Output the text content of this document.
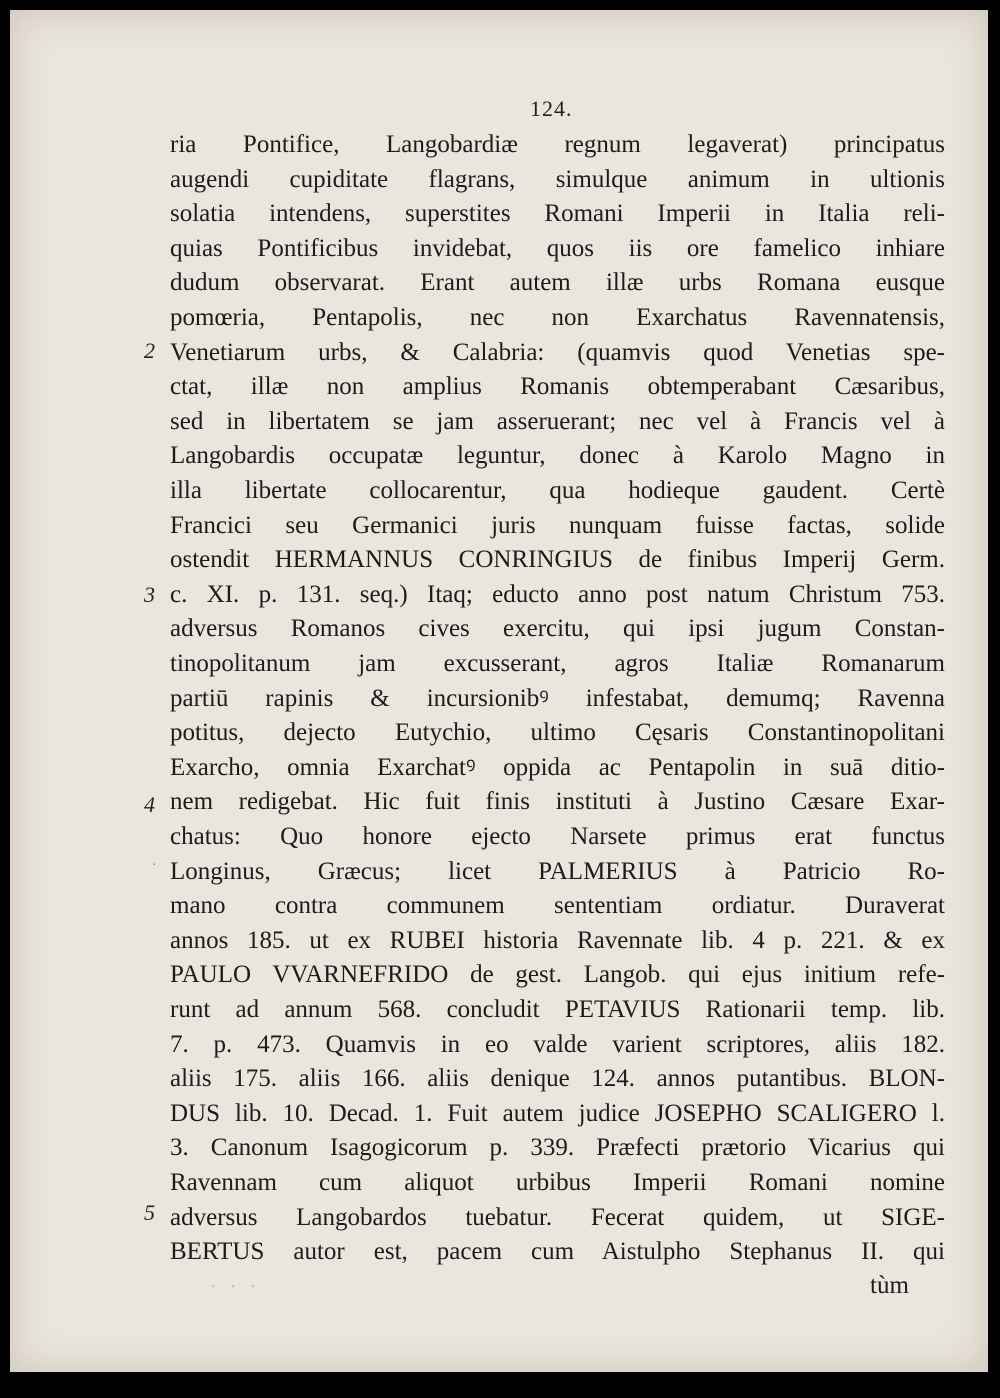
124.
ria Pontifice, Langobardiæ regnum legaverat) principatus
augendi cupiditate flagrans, simulque animum in ultionis
solatia intendens, superstites Romani Imperii in Italia reli-
quias Pontificibus invidebat, quos iis ore famelico inhiare
dudum observarat. Erant autem illæ urbs Romana eusque
pomœria, Pentapolis, nec non Exarchatus Ravennatensis,
Venetiarum urbs, & Calabria: (quamvis quod Venetias spe-
ctat, illæ non amplius Romanis obtemperabant Cæsaribus,
sed in libertatem se jam asseruerant; nec vel à Francis vel à
Langobardis occupatæ leguntur, donec à Karolo Magno in
illa libertate collocarentur, qua hodieque gaudent. Certè
Francici seu Germanici juris nunquam fuisse factas, solide
ostendit HERMANNUS CONRINGIUS de finibus Imperij Germ.
c. XI. p. 131. seq.) Itaq; educto anno post natum Christum 753.
adversus Romanos cives exercitu, qui ipsi jugum Constan-
tinopolitanum jam excusserant, agros Italiæ Romanarum
partiū rapinis & incursionibꝰ infestabat, demumq; Ravenna
potitus, dejecto Eutychio, ultimo Cęsaris Constantinopolitani
Exarcho, omnia Exarchatꝰ oppida ac Pentapolin in suā ditio-
nem redigebat. Hic fuit finis instituti à Justino Cæsare Exar-
chatus: Quo honore ejecto Narsete primus erat functus
Longinus, Græcus; licet PALMERIUS à Patricio Ro-
mano contra communem sententiam ordiatur. Duraverat
annos 185. ut ex RUBEI historia Ravennate lib. 4 p. 221. & ex
PAULO VVARNEFRIDO de gest. Langob. qui ejus initium refe-
runt ad annum 568. concludit PETAVIUS Rationarii temp. lib.
7. p. 473. Quamvis in eo valde varient scriptores, aliis 182.
aliis 175. aliis 166. aliis denique 124. annos putantibus. BLON-
DUS lib. 10. Decad. 1. Fuit autem judice JOSEPHO SCALIGERO l.
3. Canonum Isagogicorum p. 339. Præfecti prætorio Vicarius qui
Ravennam cum aliquot urbibus Imperii Romani nomine
adversus Langobardos tuebatur. Fecerat quidem, ut SIGE-
BERTUS autor est, pacem cum Aistulpho Stephanus II. qui
tùm
2
3
4
5
·
· · ·
